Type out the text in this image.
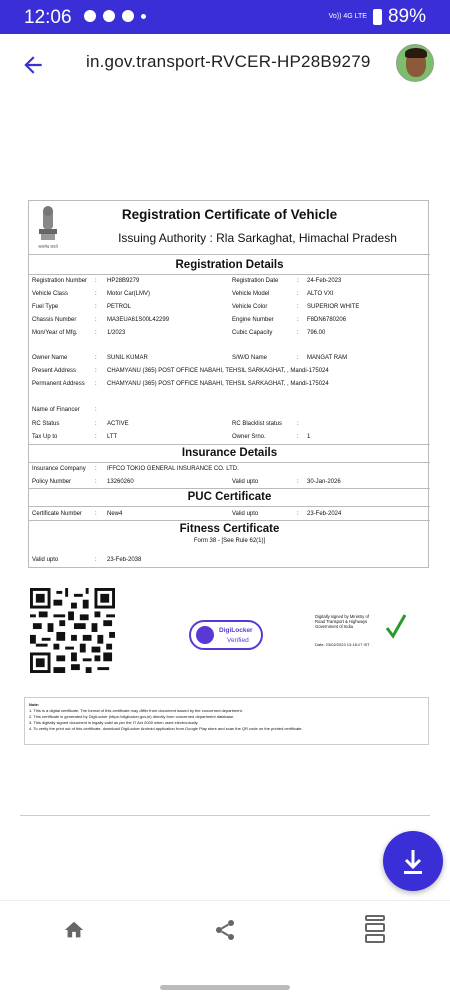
12:06	Vo)) 4G LTE 89%
in.gov.transport-RVCER-HP28B9279
सत्यमेव जयते
Registration Certificate of Vehicle
Issuing Authority : Rla Sarkaghat, Himachal Pradesh
Registration Details
Registration Number : HP28B9279	Registration Date	: 24-Feb-2023
Vehicle Class	: Motor Car(LMV)	Vehicle Model	: ALTO VXI
Fuel Type	: PETROL	Vehicle Color	: SUPERIOR WHITE
Chassis Number	: MA3EUA61S00L42299	Engine Number	: F8DN6780206
Mon/Year of Mfg.	: 1/2023	Cubic Capacity	: 796.00
Owner Name	: SUNIL KUMAR	S/W/D Name	: MANGAT RAM
Present Address	: CHAMYANU (365) POST OFFICE NABAHI, TEHSIL SARKAGHAT, , Mandi-175024
Permanent Address : CHAMYANU (365) POST OFFICE NABAHI, TEHSIL SARKAGHAT, , Mandi-175024
Name of Financer	:
RC Status	: ACTIVE	RC Blacklist status :
Tax Up to	: LTT	Owner Srno.	: 1
Insurance Details
Insurance Company : IFFCO TOKIO GENERAL INSURANCE CO. LTD.
Policy Number	: 13260260	Valid upto	: 30-Jan-2026
PUC Certificate
Certificate Number : New4	Valid upto	: 23-Feb-2024
Fitness Certificate
Form 38 - [See Rule 62(1)]
Valid upto	: 23-Feb-2038
DigiLocker
Verified
Digitally signed by Ministry of Road Transport & Highways Government of India
Date: 23/02/2023 13:18:17 IST

Note:

1. This is a digital certificate. The format of this certificate may differ from document issued by the concerned department.

2. This certificate is generated by DigiLocker (https://digilocker.gov.in) directly from concerned department database.

3. This digitally signed document is legally valid as per the IT Act 2000 when used electronically.

4. To verify the print out of this certificate, download DigiLocker Android application from Google Play store and scan the QR code on the printed certificate.
